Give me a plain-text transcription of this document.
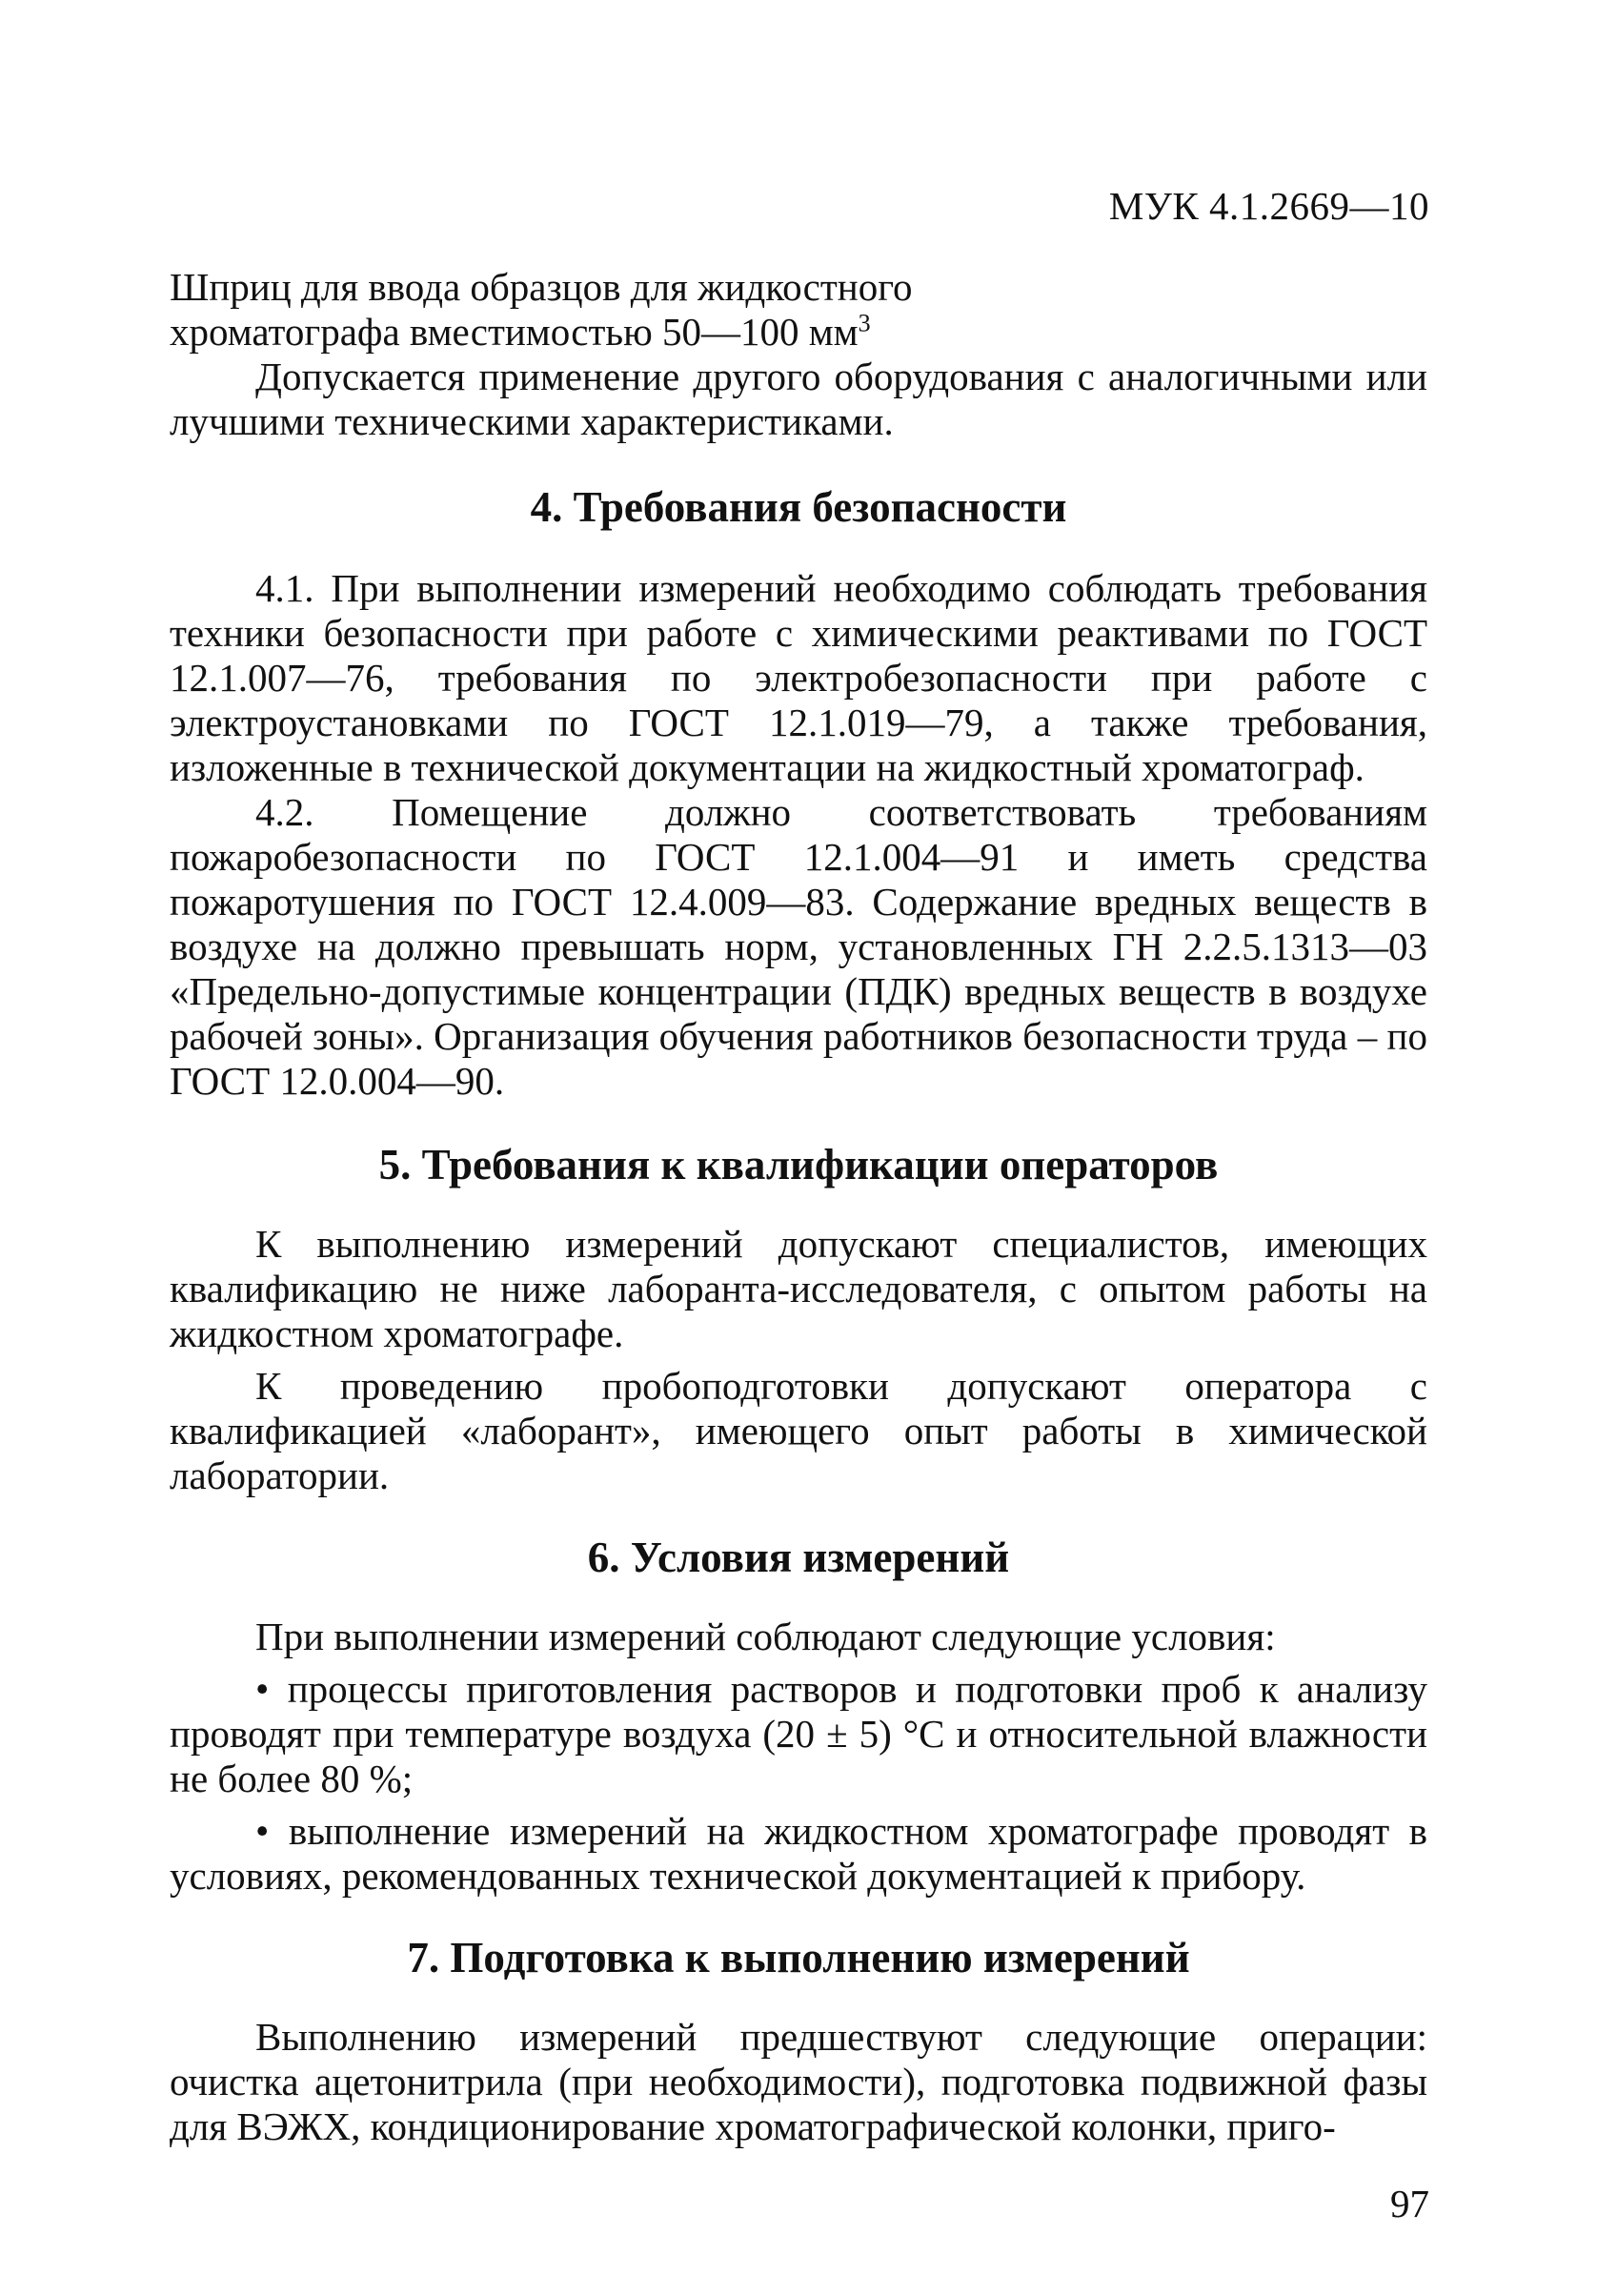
МУК 4.1.2669—10

Шприц для ввода образцов для жидкостного

хроматографа вместимостью 50—100 $мм^3$

Допускается применение другого оборудования с аналогичными или лучшими техническими характеристиками.

4. Требования безопасности

4.1. При выполнении измерений необходимо соблюдать требования техники безопасности при работе с химическими реактивами по ГОСТ 12.1.007—76, требования по электробезопасности при работе с электроустановками по ГОСТ 12.1.019—79, а также требования, изложенные в технической документации на жидкостный хроматограф.

4.2. Помещение должно соответствовать требованиям пожаробезопасности по ГОСТ 12.1.004—91 и иметь средства пожаротушения по ГОСТ 12.4.009—83. Содержание вредных веществ в воздухе на должно превышать норм, установленных ГН 2.2.5.1313—03 «Предельно-допустимые концентрации (ПДК) вредных веществ в воздухе рабочей зоны». Организация обучения работников безопасности труда – по ГОСТ 12.0.004—90.

5. Требования к квалификации операторов

К выполнению измерений допускают специалистов, имеющих квалификацию не ниже лаборанта-исследователя, с опытом работы на жидкостном хроматографе.

К проведению пробоподготовки допускают оператора с квалификацией «лаборант», имеющего опыт работы в химической лаборатории.

6. Условия измерений

При выполнении измерений соблюдают следующие условия:

• процессы приготовления растворов и подготовки проб к анализу проводят при температуре воздуха (20 ± 5) °С и относительной влажности не более 80 %;

• выполнение измерений на жидкостном хроматографе проводят в условиях, рекомендованных технической документацией к прибору.

7. Подготовка к выполнению измерений

Выполнению измерений предшествуют следующие операции: очистка ацетонитрила (при необходимости), подготовка подвижной фазы для ВЭЖХ, кондиционирование хроматографической колонки, приго-

97
